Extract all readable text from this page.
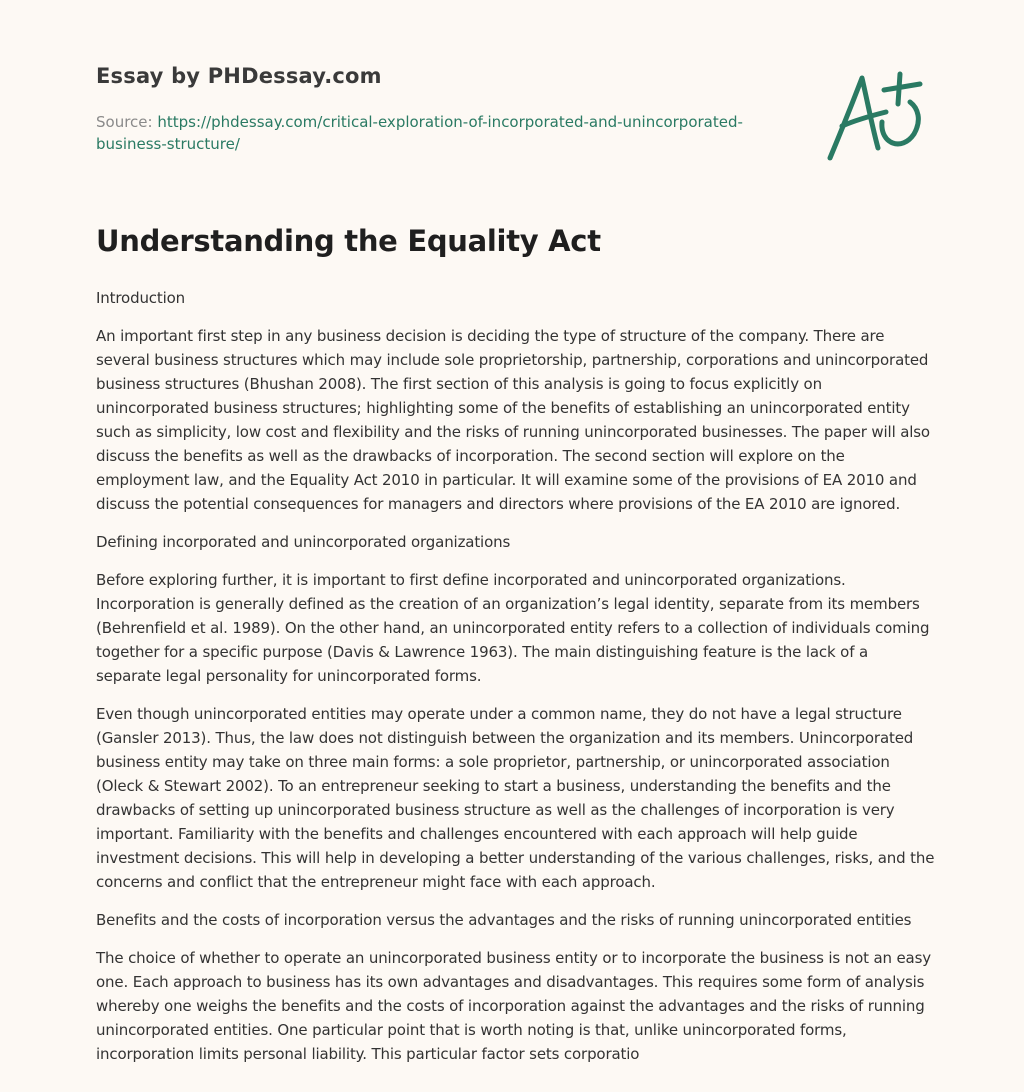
Essay by PHDessay.com
Source: https://phdessay.com/critical-exploration-of-incorporated-and-unincorporated-business-structure/
Understanding the Equality Act

Introduction

An important first step in any business decision is deciding the type of structure of the company. There are several business structures which may include sole proprietorship, partnership, corporations and unincorporated business structures (Bhushan 2008). The first section of this analysis is going to focus explicitly on unincorporated business structures; highlighting some of the benefits of establishing an unincorporated entity such as simplicity, low cost and flexibility and the risks of running unincorporated businesses. The paper will also discuss the benefits as well as the drawbacks of incorporation. The second section will explore on the employment law, and the Equality Act 2010 in particular. It will examine some of the provisions of EA 2010 and discuss the potential consequences for managers and directors where provisions of the EA 2010 are ignored.

Defining incorporated and unincorporated organizations

Before exploring further, it is important to first define incorporated and unincorporated organizations. Incorporation is generally defined as the creation of an organization’s legal identity, separate from its members (Behrenfield et al. 1989). On the other hand, an unincorporated entity refers to a collection of individuals coming together for a specific purpose (Davis & Lawrence 1963). The main distinguishing feature is the lack of a separate legal personality for unincorporated forms.

Even though unincorporated entities may operate under a common name, they do not have a legal structure (Gansler 2013). Thus, the law does not distinguish between the organization and its members. Unincorporated business entity may take on three main forms: a sole proprietor, partnership, or unincorporated association (Oleck & Stewart 2002). To an entrepreneur seeking to start a business, understanding the benefits and the drawbacks of setting up unincorporated business structure as well as the challenges of incorporation is very important. Familiarity with the benefits and challenges encountered with each approach will help guide investment decisions. This will help in developing a better understanding of the various challenges, risks, and the concerns and conflict that the entrepreneur might face with each approach.

Benefits and the costs of incorporation versus the advantages and the risks of running unincorporated entities

The choice of whether to operate an unincorporated business entity or to incorporate the business is not an easy one. Each approach to business has its own advantages and disadvantages. This requires some form of analysis whereby one weighs the benefits and the costs of incorporation against the advantages and the risks of running unincorporated entities. One particular point that is worth noting is that, unlike unincorporated forms, incorporation limits personal liability. This particular factor sets corporatio
